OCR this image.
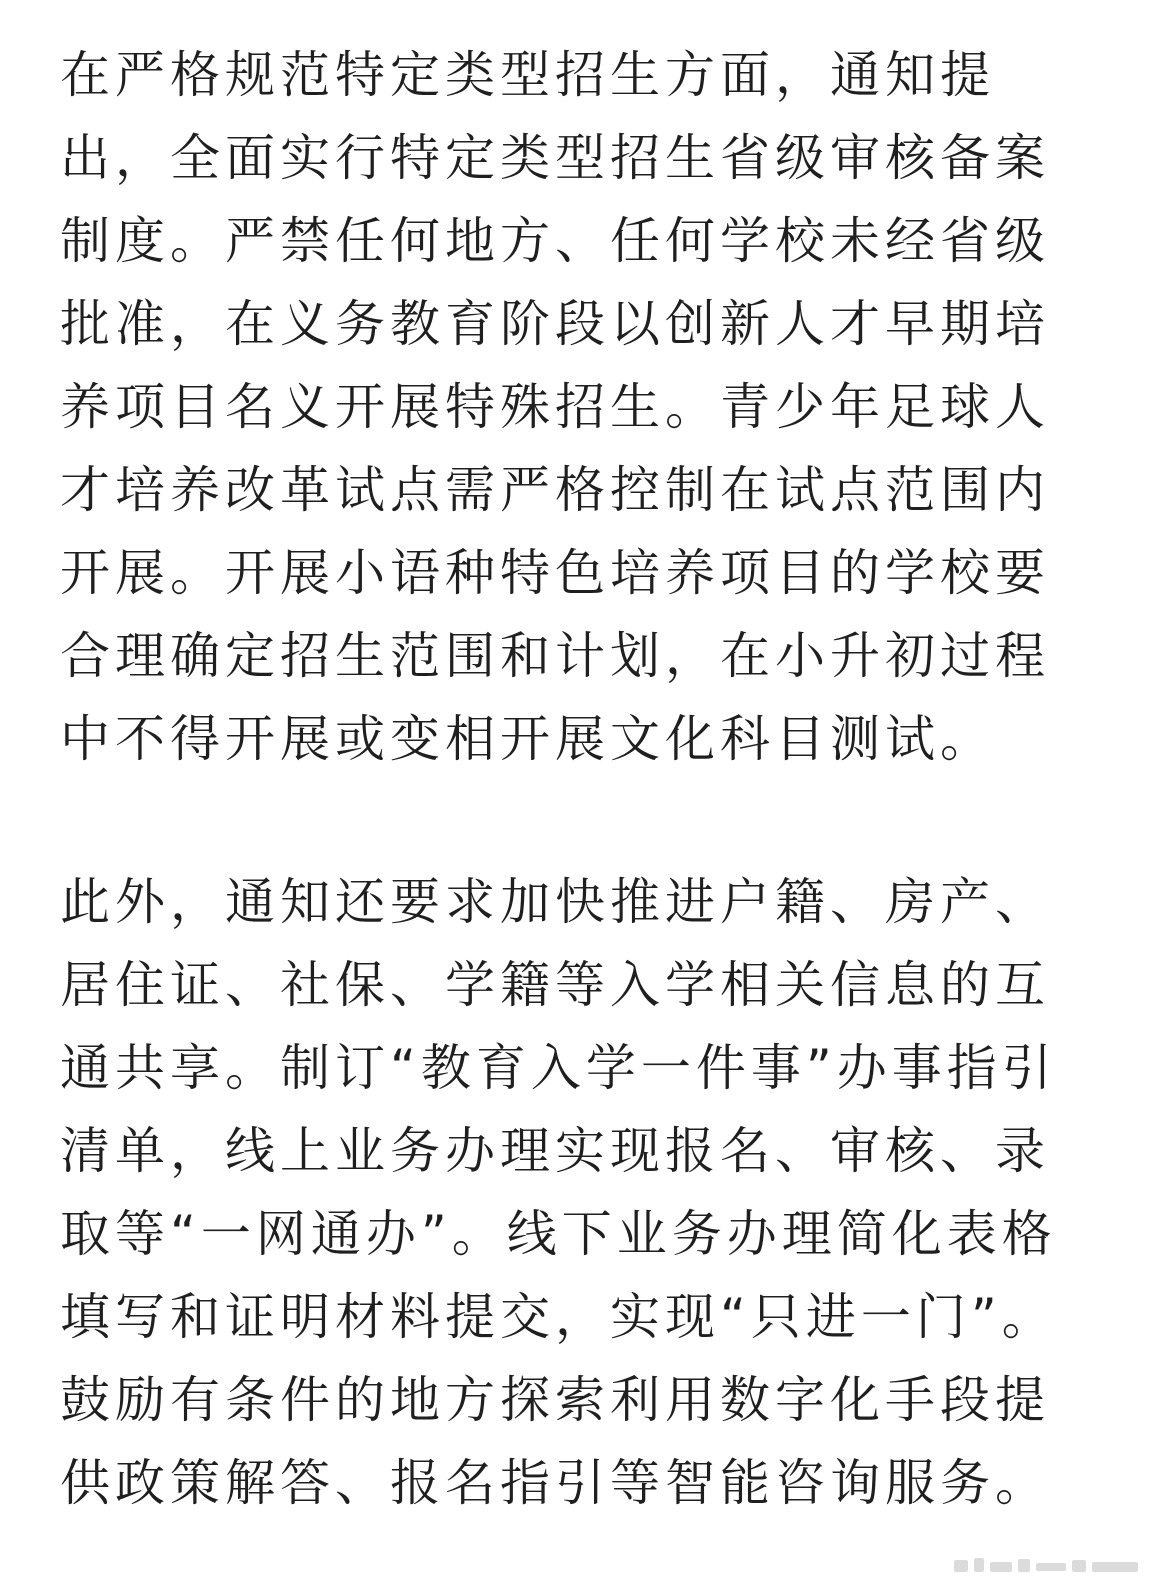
在严格规范特定类型招生方面，通知提
出，全面实行特定类型招生省级审核备案
制度。严禁任何地方、任何学校未经省级
批准，在义务教育阶段以创新人才早期培
养项目名义开展特殊招生。青少年足球人
才培养改革试点需严格控制在试点范围内
开展。开展小语种特色培养项目的学校要
合理确定招生范围和计划，在小升初过程
中不得开展或变相开展文化科目测试。

此外，通知还要求加快推进户籍、房产、
居住证、社保、学籍等入学相关信息的互
通共享。制订“教育入学一件事”办事指引
清单，线上业务办理实现报名、审核、录
取等“一网通办”。线下业务办理简化表格
填写和证明材料提交，实现“只进一门”。
鼓励有条件的地方探索利用数字化手段提
供政策解答、报名指引等智能咨询服务。
